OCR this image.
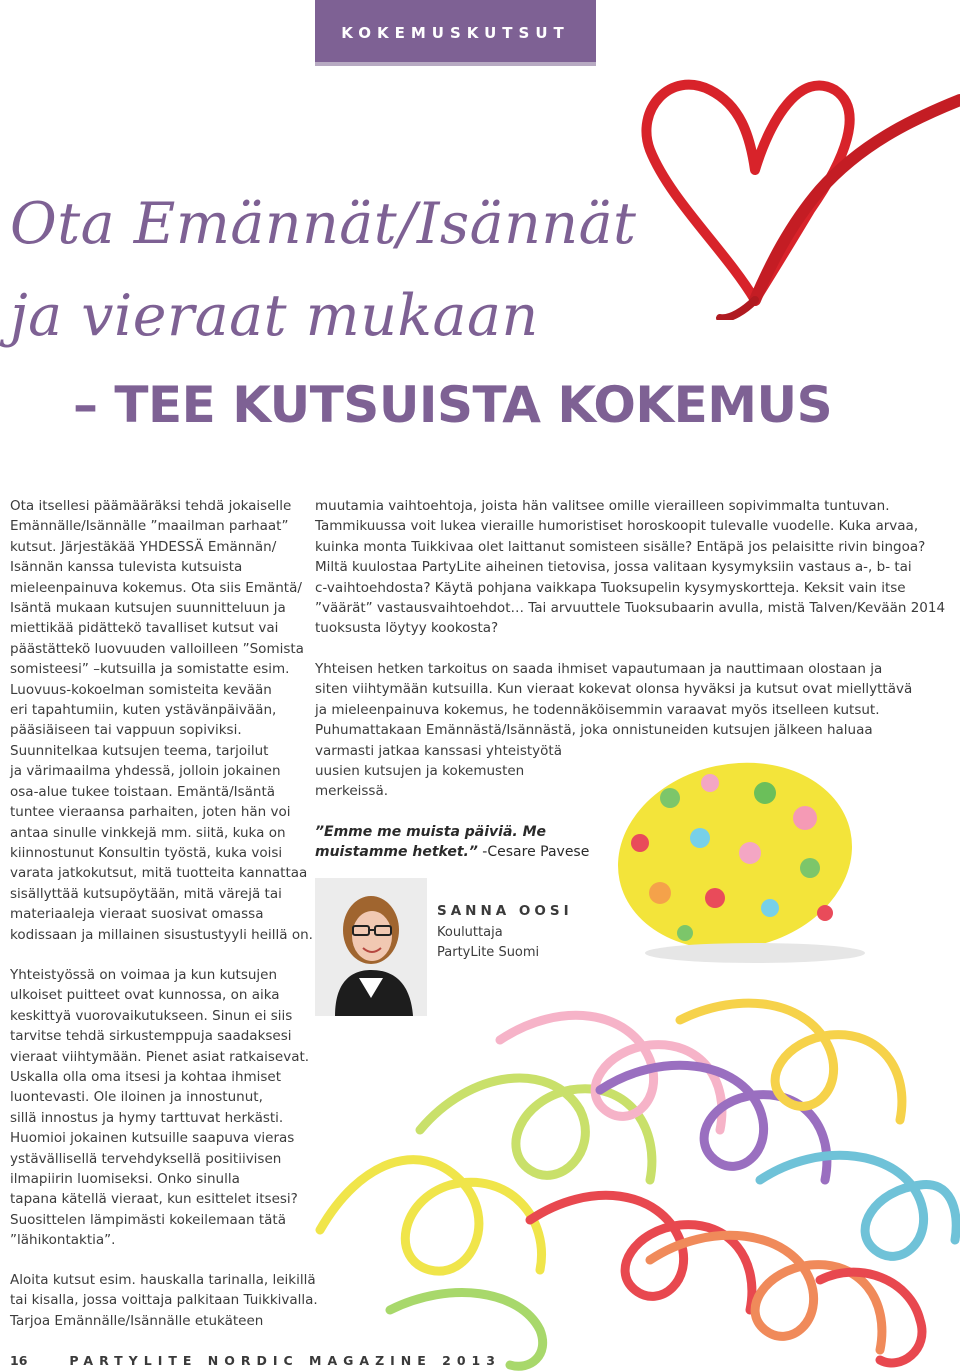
KOKEMUSKUTSUT
Ota Emännät/Isännät
ja vieraat mukaan
– TEE KUTSUISTA KOKEMUS

Ota itsellesi päämääräksi tehdä jokaiselle
Emännälle/Isännälle ”maailman parhaat”
kutsut. Järjestäkää YHDESSÄ Emännän/
Isännän kanssa tulevista kutsuista
mieleenpainuva kokemus. Ota siis Emäntä/
Isäntä mukaan kutsujen suunnitteluun ja
miettikää pidättekö tavalliset kutsut vai
päästättekö luovuuden valloilleen ”Somista
somisteesi” –kutsuilla ja somistatte esim.
Luovuus-kokoelman somisteita kevään
eri tapahtumiin, kuten ystävänpäivään,
pääsiäiseen tai vappuun sopiviksi.
Suunnitelkaa kutsujen teema, tarjoilut
ja värimaailma yhdessä, jolloin jokainen
osa-alue tukee toistaan. Emäntä/Isäntä
tuntee vieraansa parhaiten, joten hän voi
antaa sinulle vinkkejä mm. siitä, kuka on
kiinnostunut Konsultin työstä, kuka voisi
varata jatkokutsut, mitä tuotteita kannattaa
sisällyttää kutsupöytään, mitä värejä tai
materiaaleja vieraat suosivat omassa
kodissaan ja millainen sisustustyyli heillä on.

Yhteistyössä on voimaa ja kun kutsujen
ulkoiset puitteet ovat kunnossa, on aika
keskittyä vuorovaikutukseen. Sinun ei siis
tarvitse tehdä sirkustemppuja saadaksesi
vieraat viihtymään. Pienet asiat ratkaisevat.
Uskalla olla oma itsesi ja kohtaa ihmiset
luontevasti. Ole iloinen ja innostunut,
sillä innostus ja hymy tarttuvat herkästi.
Huomioi jokainen kutsuille saapuva vieras
ystävällisellä tervehdyksellä positiivisen
ilmapiirin luomiseksi. Onko sinulla
tapana kätellä vieraat, kun esittelet itsesi?
Suosittelen lämpimästi kokeilemaan tätä
”lähikontaktia”.

Aloita kutsut esim. hauskalla tarinalla, leikillä
tai kisalla, jossa voittaja palkitaan Tuikkivalla.
Tarjoa Emännälle/Isännälle etukäteen

muutamia vaihtoehtoja, joista hän valitsee omille vierailleen sopivimmalta tuntuvan.
Tammikuussa voit lukea vieraille humoristiset horoskoopit tulevalle vuodelle. Kuka arvaa,
kuinka monta Tuikkivaa olet laittanut somisteen sisälle? Entäpä jos pelaisitte rivin bingoa?
Miltä kuulostaa PartyLite aiheinen tietovisa, jossa valitaan kysymyksiin vastaus a-, b- tai
c-vaihtoehdosta? Käytä pohjana vaikkapa Tuoksupelin kysymyskortteja. Keksit vain itse
”väärät” vastausvaihtoehdot… Tai arvuuttele Tuoksubaarin avulla, mistä Talven/Kevään 2014
tuoksusta löytyy kookosta?

Yhteisen hetken tarkoitus on saada ihmiset vapautumaan ja nauttimaan olostaan ja
siten viihtymään kutsuilla. Kun vieraat kokevat olonsa hyväksi ja kutsut ovat miellyttävä
ja mieleenpainuva kokemus, he todennäköisemmin varaavat myös itselleen kutsut.
Puhumattakaan Emännästä/Isännästä, joka onnistuneiden kutsujen jälkeen haluaa
varmasti jatkaa kanssasi yhteistyötä
uusien kutsujen ja kokemusten
merkeissä.

”Emme me muista päiviä. Me
muistamme hetket.” -Cesare Pavese

SANNA OOSI
Kouluttaja
PartyLite Suomi
16	PARTYLITE NORDIC MAGAZINE 2013
